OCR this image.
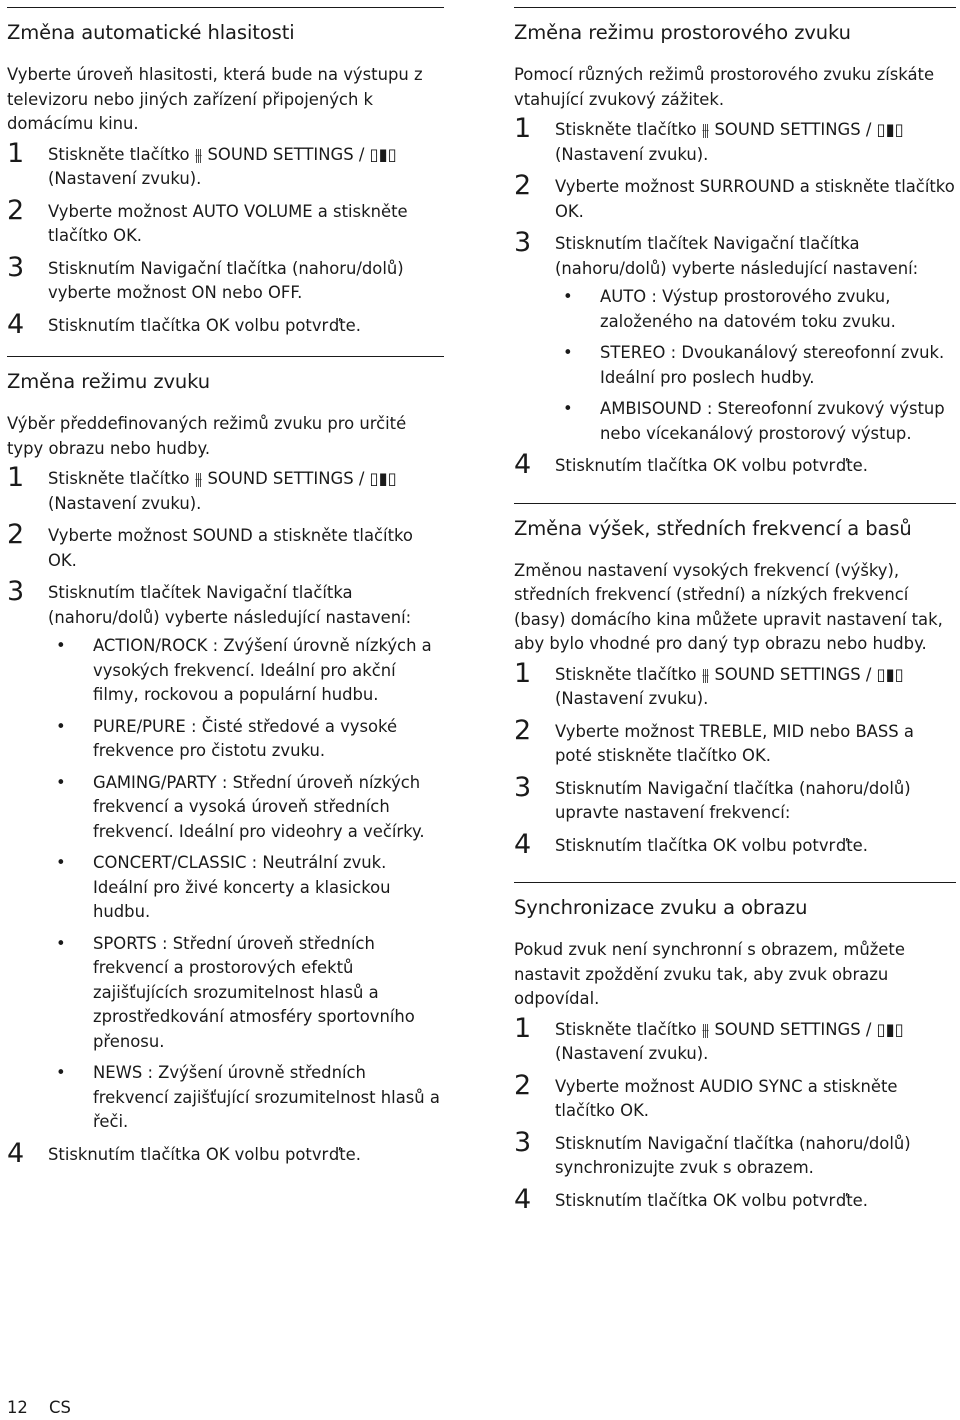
Změna automatické hlasitosti

Vyberte úroveň hlasitosti, která bude na výstupu z televizoru nebo jiných zařízení připojených k domácímu kinu.

1 Stiskněte tlačítko ⫵ SOUND SETTINGS / ▯▮▯ (Nastavení zvuku).
2 Vyberte možnost AUTO VOLUME a stiskněte tlačítko OK.
3 Stisknutím Navigační tlačítka (nahoru/dolů) vyberte možnost ON nebo OFF.
4 Stisknutím tlačítka OK volbu potvrďte.
Změna režimu zvuku

Výběr předdefinovaných režimů zvuku pro určité typy obrazu nebo hudby.

1 Stiskněte tlačítko ⫵ SOUND SETTINGS / ▯▮▯ (Nastavení zvuku).
2 Vyberte možnost SOUND a stiskněte tlačítko OK.
3 Stisknutím tlačítek Navigační tlačítka (nahoru/dolů) vyberte následující nastavení:
• ACTION/ROCK : Zvýšení úrovně nízkých a vysokých frekvencí. Ideální pro akční filmy, rockovou a populární hudbu.
• PURE/PURE : Čisté středové a vysoké frekvence pro čistotu zvuku.
• GAMING/PARTY : Střední úroveň nízkých frekvencí a vysoká úroveň středních frekvencí. Ideální pro videohry a večírky.
• CONCERT/CLASSIC : Neutrální zvuk. Ideální pro živé koncerty a klasickou hudbu.
• SPORTS : Střední úroveň středních frekvencí a prostorových efektů zajišťujících srozumitelnost hlasů a zprostředkování atmosféry sportovního přenosu.
• NEWS : Zvýšení úrovně středních frekvencí zajišťující srozumitelnost hlasů a řeči.
4 Stisknutím tlačítka OK volbu potvrďte.
Změna režimu prostorového zvuku

Pomocí různých režimů prostorového zvuku získáte vtahující zvukový zážitek.

1 Stiskněte tlačítko ⫵ SOUND SETTINGS / ▯▮▯ (Nastavení zvuku).
2 Vyberte možnost SURROUND a stiskněte tlačítko OK.
3 Stisknutím tlačítek Navigační tlačítka (nahoru/dolů) vyberte následující nastavení:
• AUTO : Výstup prostorového zvuku, založeného na datovém toku zvuku.
• STEREO : Dvoukanálový stereofonní zvuk. Ideální pro poslech hudby.
• AMBISOUND : Stereofonní zvukový výstup nebo vícekanálový prostorový výstup.
4 Stisknutím tlačítka OK volbu potvrďte.
Změna výšek, středních frekvencí a basů

Změnou nastavení vysokých frekvencí (výšky), středních frekvencí (střední) a nízkých frekvencí (basy) domácího kina můžete upravit nastavení tak, aby bylo vhodné pro daný typ obrazu nebo hudby.

1 Stiskněte tlačítko ⫵ SOUND SETTINGS / ▯▮▯ (Nastavení zvuku).
2 Vyberte možnost TREBLE, MID nebo BASS a poté stiskněte tlačítko OK.
3 Stisknutím Navigační tlačítka (nahoru/dolů) upravte nastavení frekvencí:
4 Stisknutím tlačítka OK volbu potvrďte.
Synchronizace zvuku a obrazu

Pokud zvuk není synchronní s obrazem, můžete nastavit zpoždění zvuku tak, aby zvuk obrazu odpovídal.

1 Stiskněte tlačítko ⫵ SOUND SETTINGS / ▯▮▯ (Nastavení zvuku).
2 Vyberte možnost AUDIO SYNC a stiskněte tlačítko OK.
3 Stisknutím Navigační tlačítka (nahoru/dolů) synchronizujte zvuk s obrazem.
4 Stisknutím tlačítka OK volbu potvrďte.
12 CS
